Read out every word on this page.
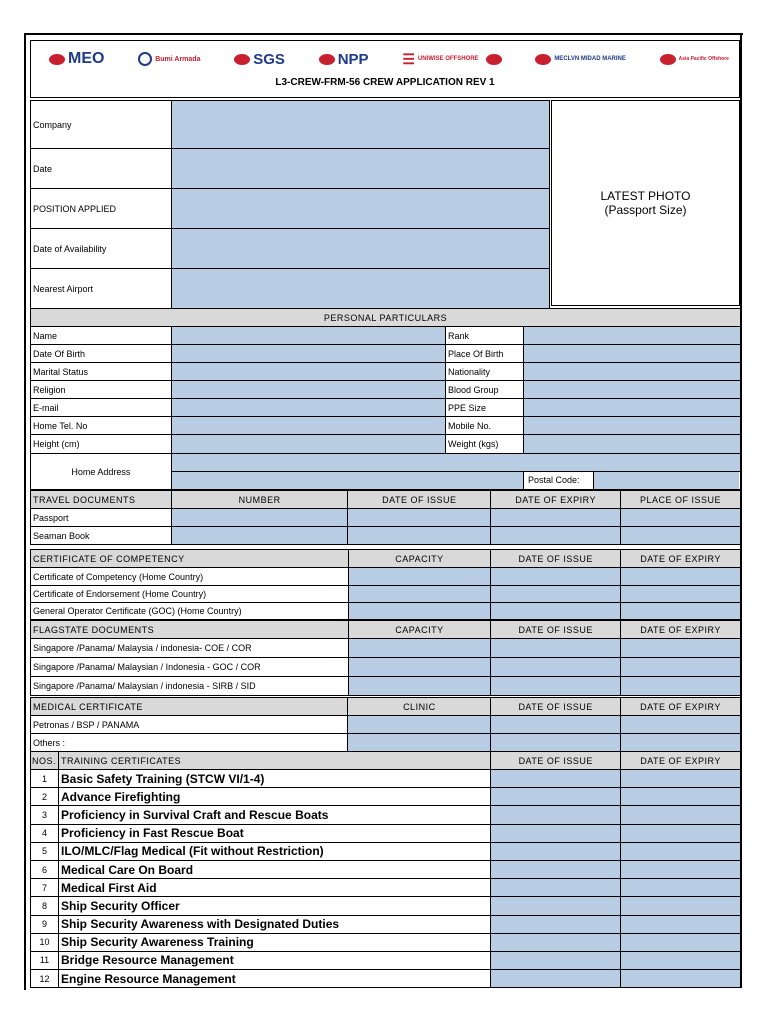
MEO	Bumi Armada	SGS	NPP ☰ UNIWISE OFFSHORE	MECLVN MIDAD MARINE	Asia Pacific Offshore
L3-CREW-FRM-56 CREW APPLICATION REV 1
Company	
Date	
POSITION APPLIED	
Date of Availability	
Nearest Airport	
LATEST PHOTO
(Passport Size)
PERSONAL PARTICULARS			
Name		Rank	
Date Of Birth		Place Of Birth	
Marital Status		Nationality	
Religion		Blood Group	
E-mail		PPE Size	
Home Tel. No		Mobile No.	
Height (cm)		Weight (kgs)	
Home Address			
			Postal Code:
TRAVEL DOCUMENTS	NUMBER	DATE OF ISSUE	DATE OF EXPIRY	PLACE OF ISSUE
Passport				
Seaman Book				
CERTIFICATE OF COMPETENCY	CAPACITY	DATE OF ISSUE	DATE OF EXPIRY
Certificate of Competency (Home Country)			
Certificate of Endorsement (Home Country)			
General Operator Certificate (GOC) (Home Country)			
FLAGSTATE DOCUMENTS	CAPACITY	DATE OF ISSUE	DATE OF EXPIRY
Singapore /Panama/ Malaysia / indonesia- COE / COR			
Singapore /Panama/ Malaysian / Indonesia - GOC / COR			
Singapore /Panama/ Malaysian / indonesia - SIRB / SID			
MEDICAL CERTIFICATE	CLINIC	DATE OF ISSUE	DATE OF EXPIRY
Petronas / BSP / PANAMA			
Others :			
NOS.	TRAINING CERTIFICATES	DATE OF ISSUE	DATE OF EXPIRY
1	Basic Safety Training (STCW VI/1-4)		
2	Advance Firefighting		
3	Proficiency in Survival Craft and Rescue Boats		
4	Proficiency in Fast Rescue Boat		
5	ILO/MLC/Flag Medical (Fit without Restriction)		
6	Medical Care On Board		
7	Medical First Aid		
8	Ship Security Officer		
9	Ship Security Awareness with Designated Duties		
10	Ship Security Awareness Training		
11	Bridge Resource Management		
12	Engine Resource Management		
